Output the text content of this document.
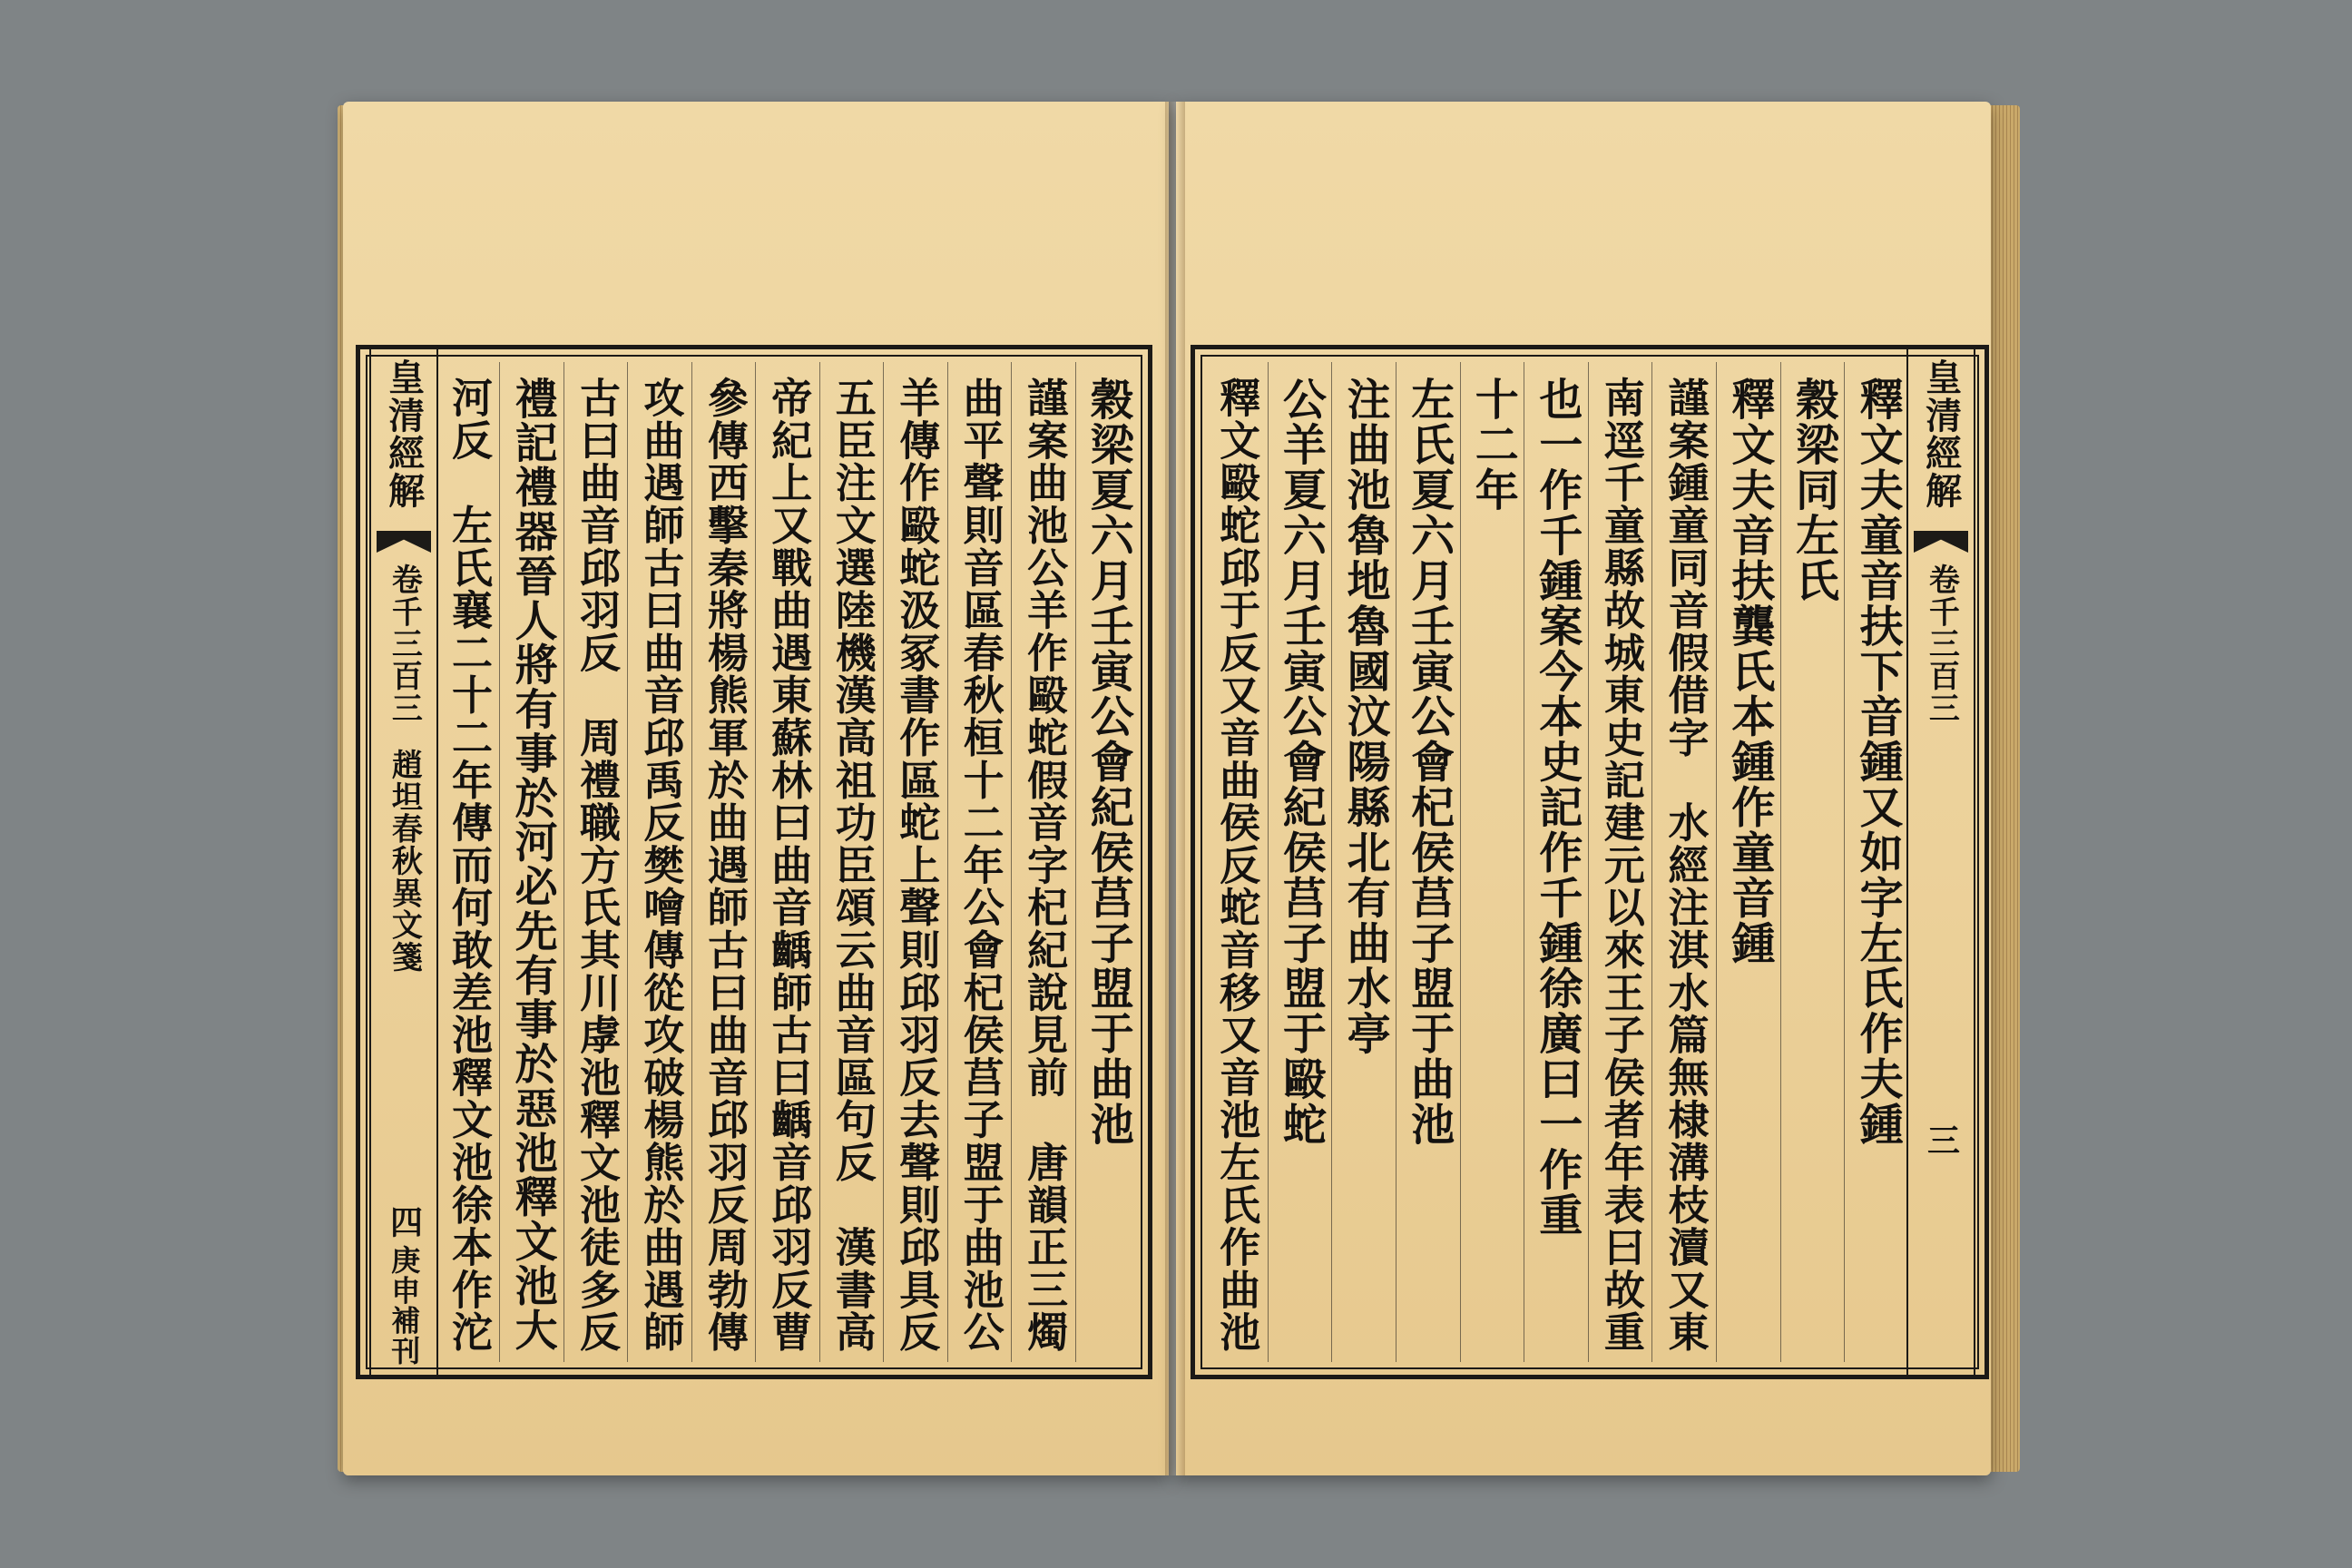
皇清經解
卷千三百三
趙坦春秋異文箋
四
庚申補刊
穀梁夏六月壬寅公會紀侯莒子盟于曲池
謹案曲池公羊作毆蛇假音字杞紀說見前　唐韻正三燭
曲平聲則音區春秋桓十二年公會杞侯莒子盟于曲池公
羊傳作毆蛇汲冢書作區蛇上聲則邱羽反去聲則邱具反
五臣注文選陸機漢高祖功臣頌云曲音區句反　漢書高
帝紀上又戰曲遇東蘇林曰曲音齲師古曰齲音邱羽反曹
參傳西擊秦將楊熊軍於曲遇師古曰曲音邱羽反周勃傳
攻曲遇師古曰曲音邱禹反樊噲傳從攻破楊熊於曲遇師
古曰曲音邱羽反　周禮職方氏其川虖池釋文池徒多反
禮記禮器晉人將有事於河必先有事於惡池釋文池大
河反　左氏襄二十二年傳而何敢差池釋文池徐本作沱	釋文夫童音扶下音鍾又如字左氏作夫鍾
穀梁同左氏
釋文夫音扶龔氏本鍾作童音鍾
謹案鍾童同音假借字　水經注淇水篇無棣溝枝瀆又東
南逕千童縣故城東史記建元以來王子侯者年表曰故重
也一作千鍾案今本史記作千鍾徐廣曰一作重
十二年
左氏夏六月壬寅公會杞侯莒子盟于曲池
注曲池魯地魯國汶陽縣北有曲水亭
公羊夏六月壬寅公會紀侯莒子盟于毆蛇
釋文毆蛇邱于反又音曲侯反蛇音移又音池左氏作曲池	皇清經解
卷千三百三
三
